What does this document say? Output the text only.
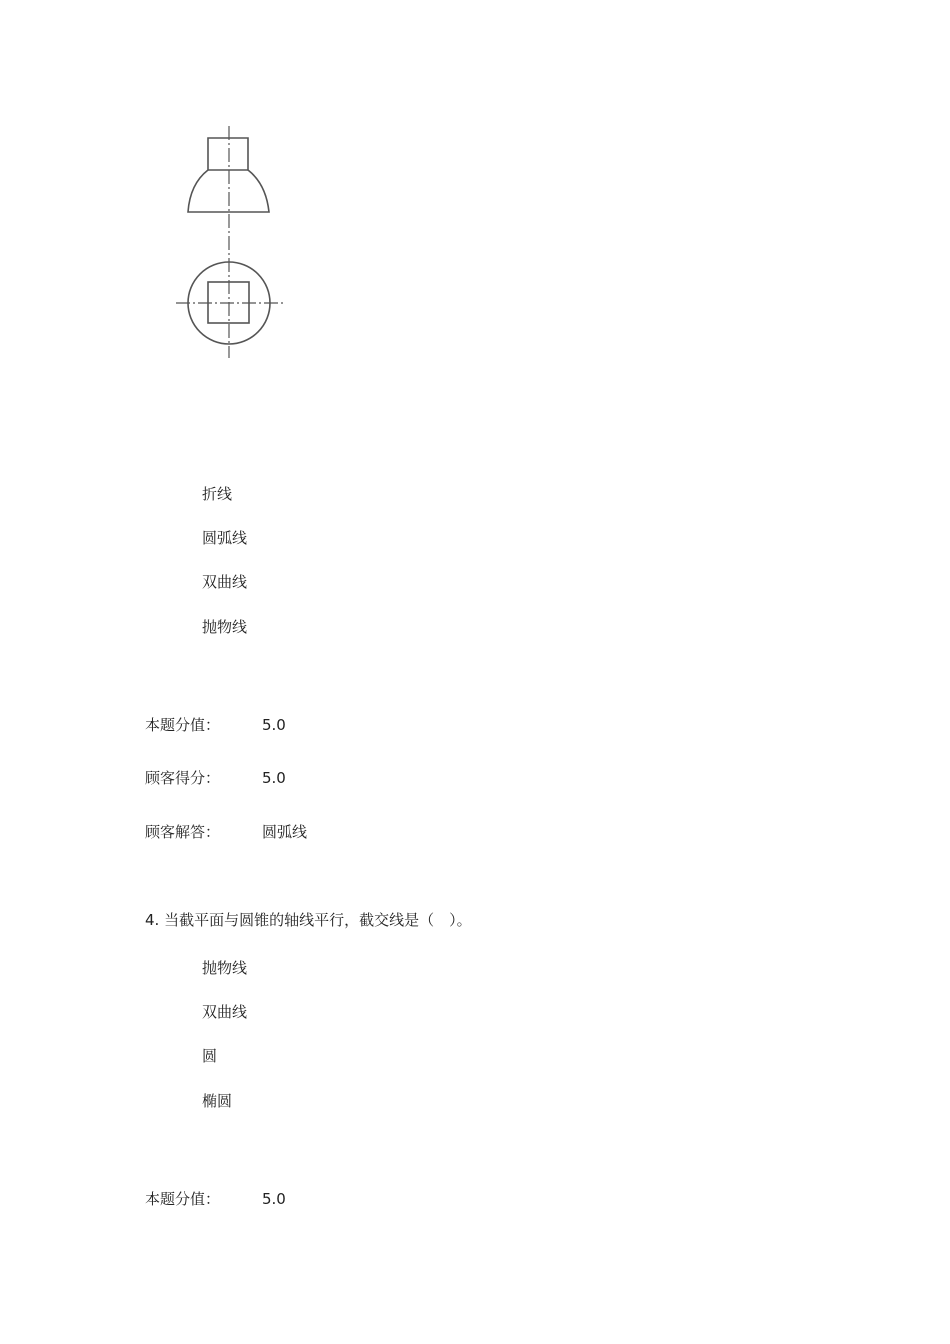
折线
圆弧线
双曲线
抛物线
本题分值：	5.0
顾客得分：	5.0
顾客解答：	圆弧线
4. 当截平面与圆锥的轴线平行，截交线是（　）。
抛物线
双曲线
圆
椭圆
本题分值：	5.0
